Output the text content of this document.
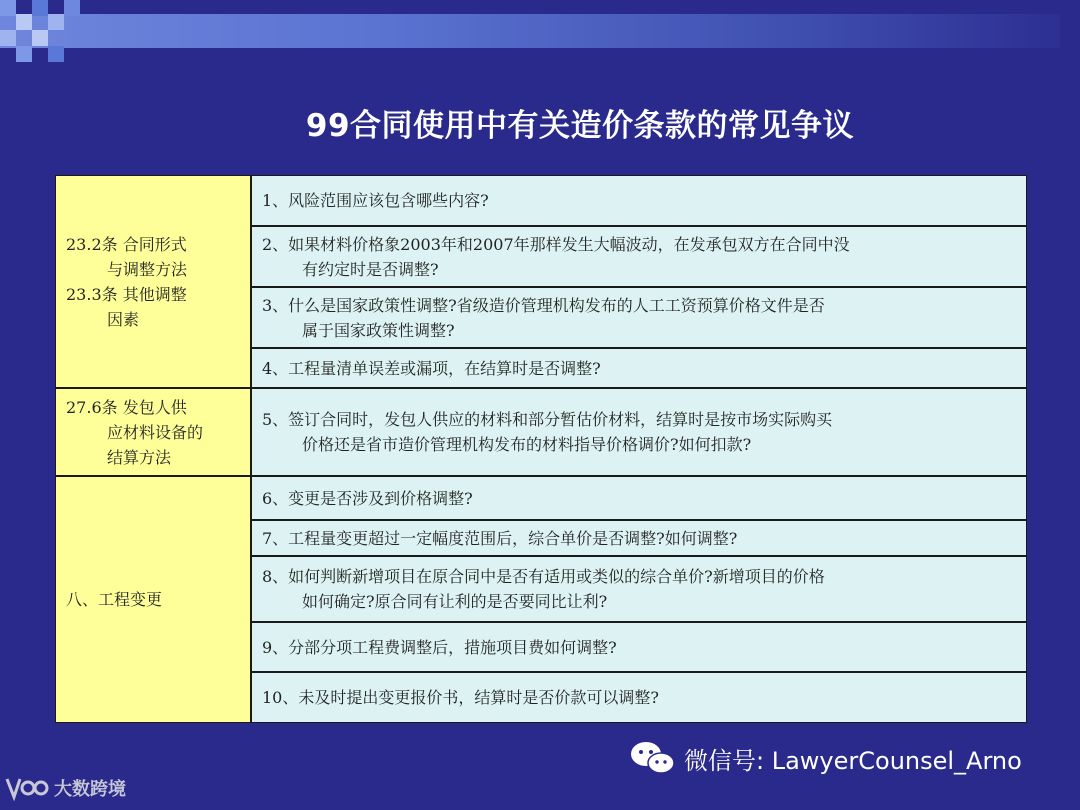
99合同使用中有关造价条款的常见争议
23.2条 合同形式
与调整方法
23.3条 其他调整
因素
27.6条 发包人供
应材料设备的
结算方法
八、工程变更
1、风险范围应该包含哪些内容?
2、如果材料价格象2003年和2007年那样发生大幅波动，在发承包双方在合同中没
有约定时是否调整?
3、什么是国家政策性调整?省级造价管理机构发布的人工工资预算价格文件是否
属于国家政策性调整?
4、工程量清单误差或漏项，在结算时是否调整?
5、签订合同时，发包人供应的材料和部分暂估价材料，结算时是按市场实际购买
价格还是省市造价管理机构发布的材料指导价格调价?如何扣款?
6、变更是否涉及到价格调整?
7、工程量变更超过一定幅度范围后，综合单价是否调整?如何调整?
8、如何判断新增项目在原合同中是否有适用或类似的综合单价?新增项目的价格
如何确定?原合同有让利的是否要同比让利?
9、分部分项工程费调整后，措施项目费如何调整?
10、未及时提出变更报价书，结算时是否价款可以调整?
微信号: LawyerCounsel_Arno
大数跨境
